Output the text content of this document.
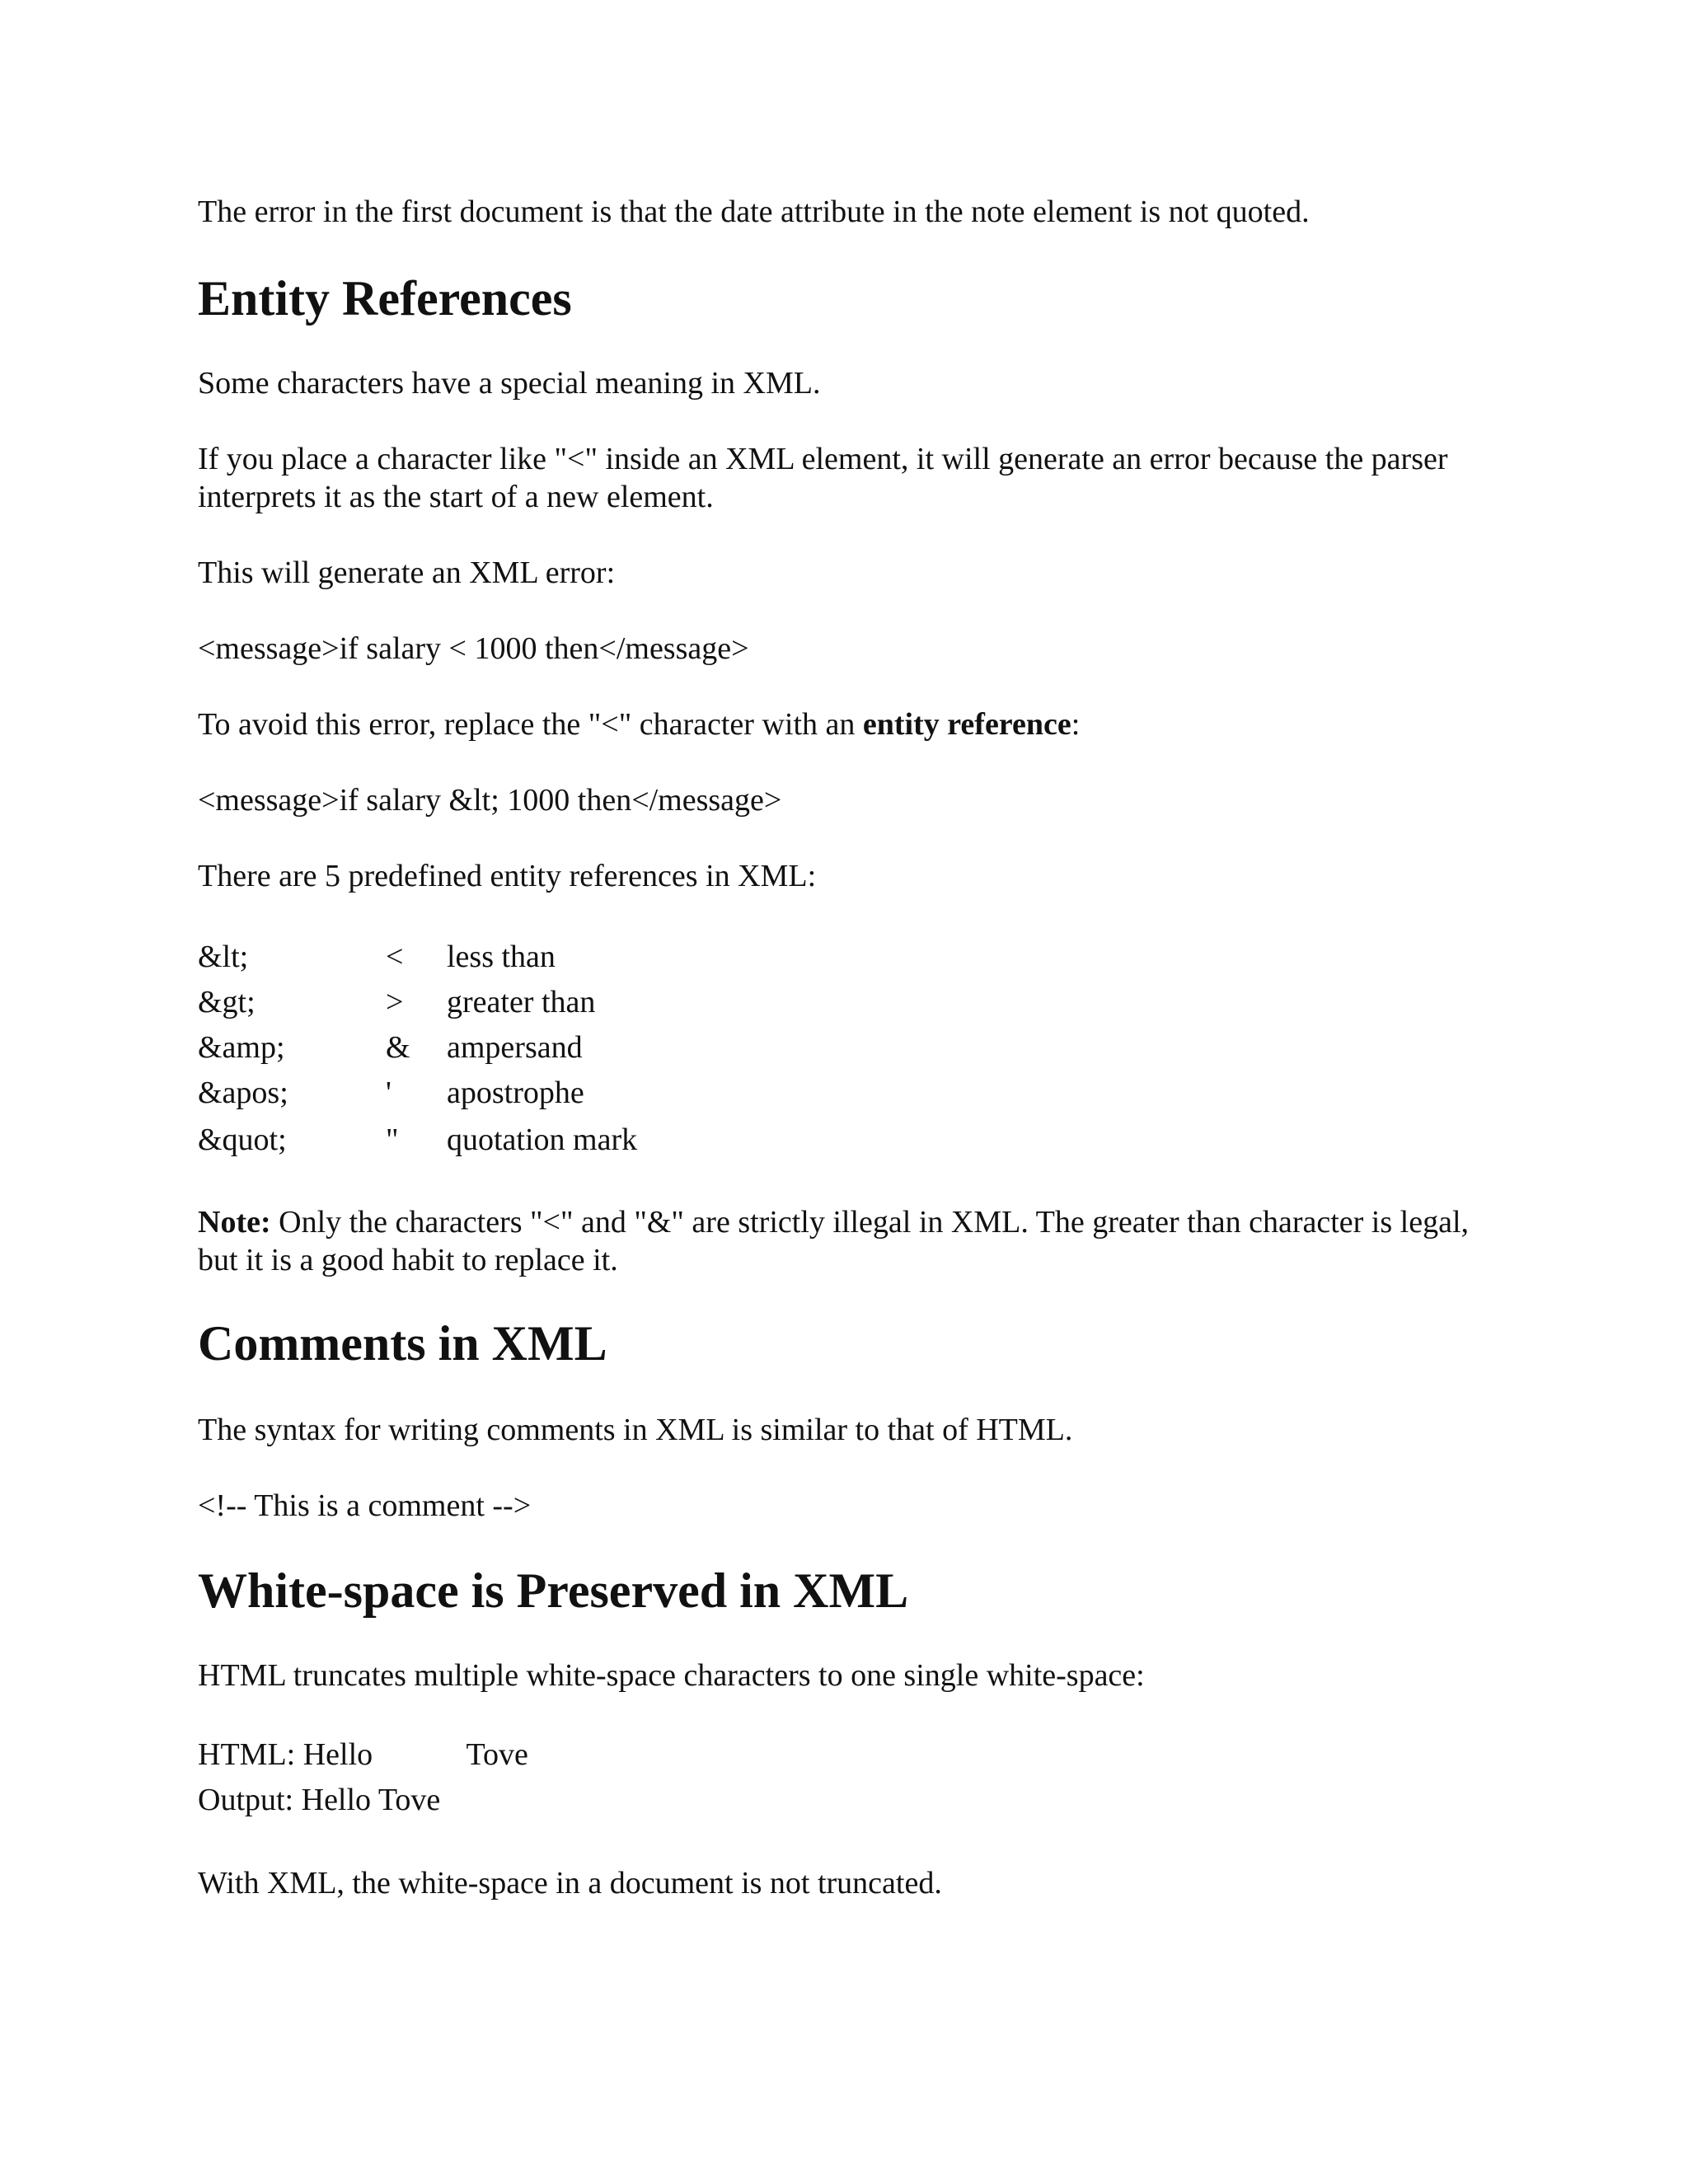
The error in the first document is that the date attribute in the note element is not quoted.

Entity References

Some characters have a special meaning in XML.

If you place a character like "<" inside an XML element, it will generate an error because the parser interprets it as the start of a new element.

This will generate an XML error:

<message>if salary < 1000 then</message>

To avoid this error, replace the "<" character with an entity reference:

<message>if salary &lt; 1000 then</message>

There are 5 predefined entity references in XML:

&lt;	< less than
&gt;	> greater than
&amp;	& ampersand
&apos;	' apostrophe
&quot;	" quotation mark

Note: Only the characters "<" and "&" are strictly illegal in XML. The greater than character is legal, but it is a good habit to replace it.

Comments in XML

The syntax for writing comments in XML is similar to that of HTML.

<!-- This is a comment -->

White-space is Preserved in XML

HTML truncates multiple white-space characters to one single white-space:

HTML: Hello            Tove
Output: Hello Tove

With XML, the white-space in a document is not truncated.
